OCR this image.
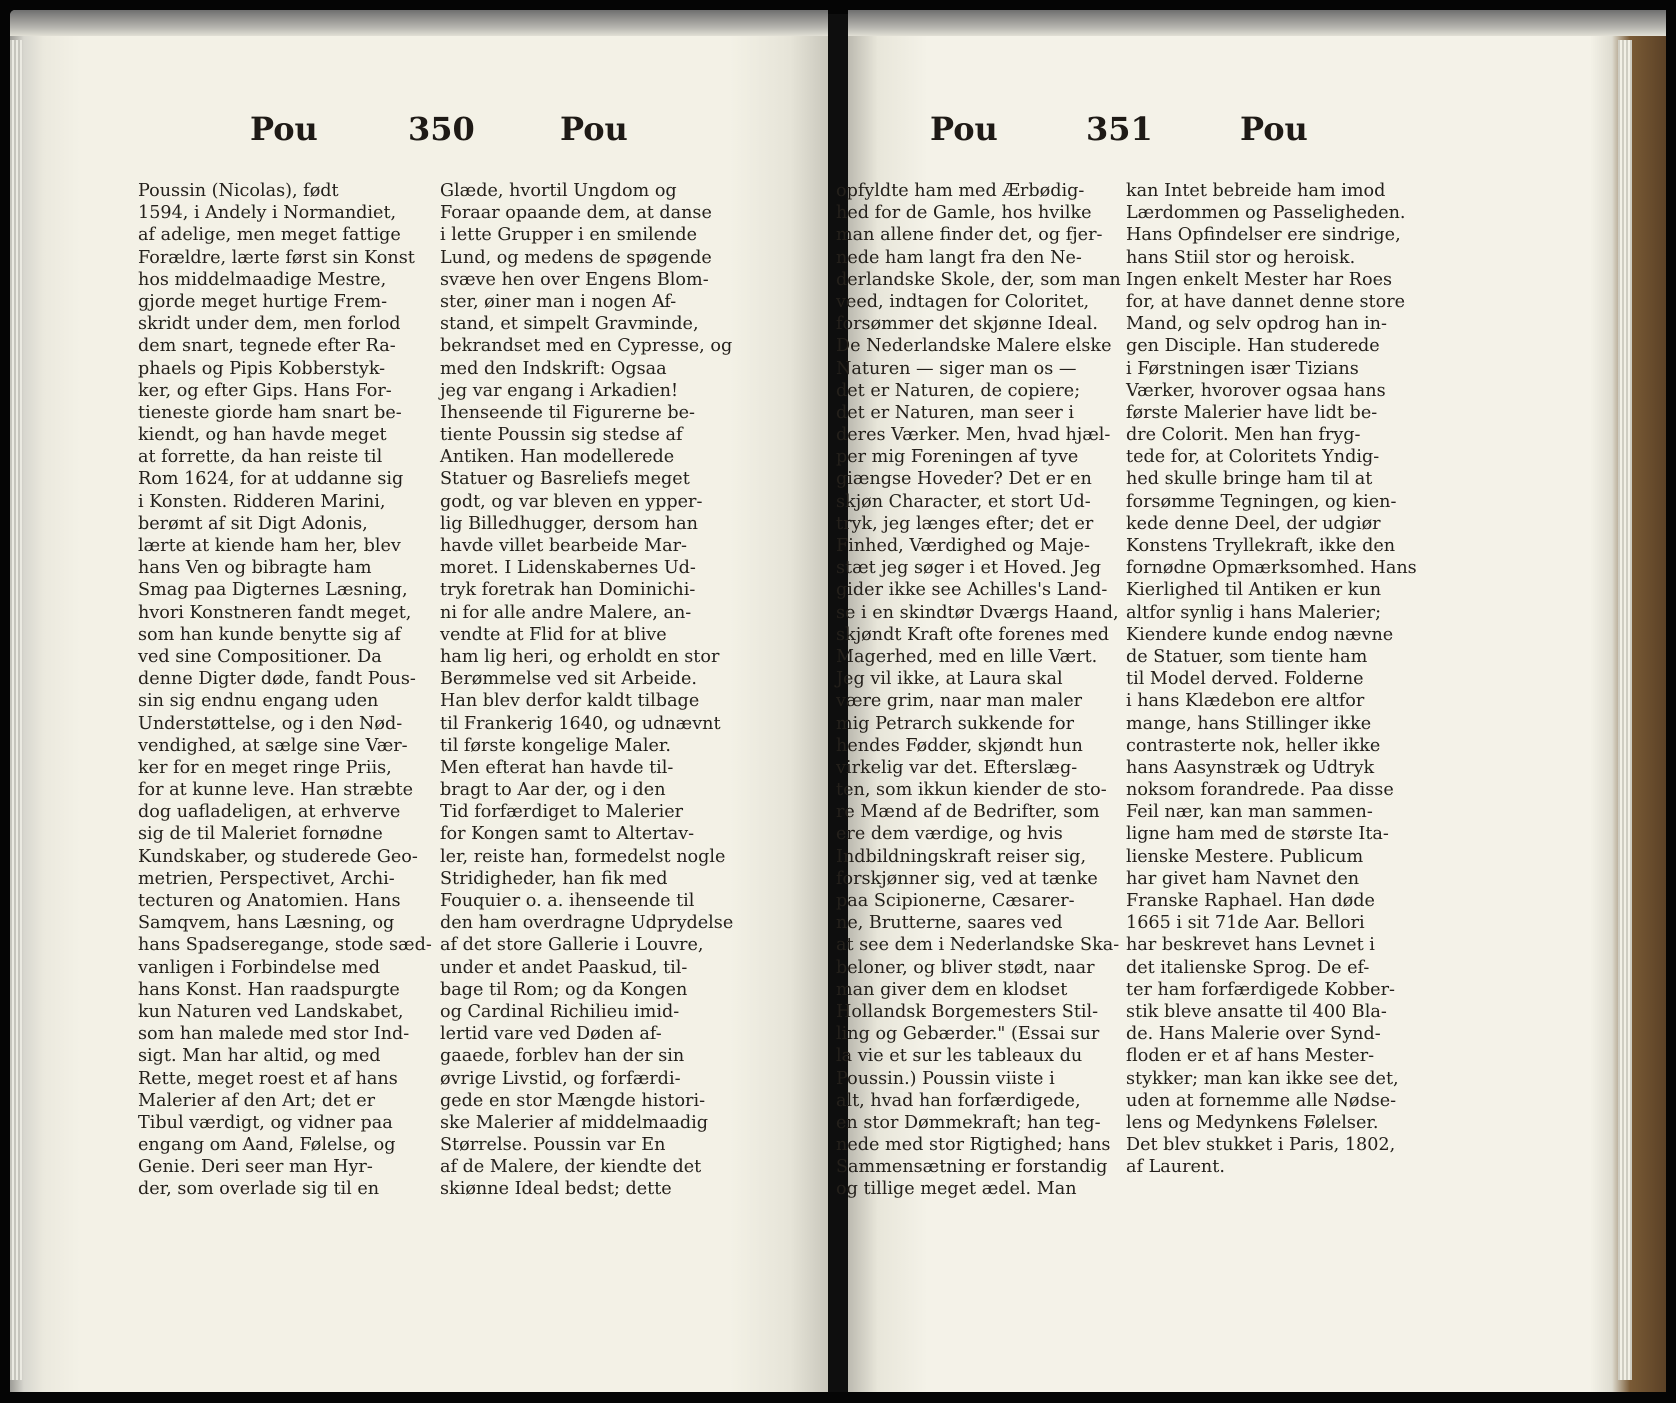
Pou	350	Pou
Poussin (Nicolas), født
1594, i Andely i Normandiet,
af adelige, men meget fattige
Forældre, lærte først sin Konst
hos middelmaadige Mestre,
gjorde meget hurtige Frem-
skridt under dem, men forlod
dem snart, tegnede efter Ra-
phaels og Pipis Kobberstyk-
ker, og efter Gips. Hans For-
tieneste giorde ham snart be-
kiendt, og han havde meget
at forrette, da han reiste til
Rom 1624, for at uddanne sig
i Konsten. Ridderen Marini,
berømt af sit Digt Adonis,
lærte at kiende ham her, blev
hans Ven og bibragte ham
Smag paa Digternes Læsning,
hvori Konstneren fandt meget,
som han kunde benytte sig af
ved sine Compositioner. Da
denne Digter døde, fandt Pous-
sin sig endnu engang uden
Understøttelse, og i den Nød-
vendighed, at sælge sine Vær-
ker for en meget ringe Priis,
for at kunne leve. Han stræbte
dog uafladeligen, at erhverve
sig de til Maleriet fornødne
Kundskaber, og studerede Geo-
metrien, Perspectivet, Archi-
tecturen og Anatomien. Hans
Samqvem, hans Læsning, og
hans Spadseregange, stode sæd-
vanligen i Forbindelse med
hans Konst. Han raadspurgte
kun Naturen ved Landskabet,
som han malede med stor Ind-
sigt. Man har altid, og med
Rette, meget roest et af hans
Malerier af den Art; det er
Tibul værdigt, og vidner paa
engang om Aand, Følelse, og
Genie. Deri seer man Hyr-
der, som overlade sig til en
Glæde, hvortil Ungdom og
Foraar opaande dem, at danse
i lette Grupper i en smilende
Lund, og medens de spøgende
svæve hen over Engens Blom-
ster, øiner man i nogen Af-
stand, et simpelt Gravminde,
bekrandset med en Cypresse, og
med den Indskrift: Ogsaa
jeg var engang i Arkadien!
Ihenseende til Figurerne be-
tiente Poussin sig stedse af
Antiken. Han modellerede
Statuer og Basreliefs meget
godt, og var bleven en ypper-
lig Billedhugger, dersom han
havde villet bearbeide Mar-
moret. I Lidenskabernes Ud-
tryk foretrak han Dominichi-
ni for alle andre Malere, an-
vendte at Flid for at blive
ham lig heri, og erholdt en stor
Berømmelse ved sit Arbeide.
Han blev derfor kaldt tilbage
til Frankerig 1640, og udnævnt
til første kongelige Maler.
Men efterat han havde til-
bragt to Aar der, og i den
Tid forfærdiget to Malerier
for Kongen samt to Altertav-
ler, reiste han, formedelst nogle
Stridigheder, han fik med
Fouquier o. a. ihenseende til
den ham overdragne Udprydelse
af det store Gallerie i Louvre,
under et andet Paaskud, til-
bage til Rom; og da Kongen
og Cardinal Richilieu imid-
lertid vare ved Døden af-
gaaede, forblev han der sin
øvrige Livstid, og forfærdi-
gede en stor Mængde histori-
ske Malerier af middelmaadig
Størrelse. Poussin var En
af de Malere, der kiendte det
skiønne Ideal bedst; dette
Pou	351	Pou
opfyldte ham med Ærbødig-
hed for de Gamle, hos hvilke
man allene finder det, og fjer-
nede ham langt fra den Ne-
derlandske Skole, der, som man
veed, indtagen for Coloritet,
forsømmer det skjønne Ideal.
De Nederlandske Malere elske
Naturen — siger man os —
det er Naturen, de copiere;
det er Naturen, man seer i
deres Værker. Men, hvad hjæl-
per mig Foreningen af tyve
giængse Hoveder? Det er en
skjøn Character, et stort Ud-
tryk, jeg længes efter; det er
Finhed, Værdighed og Maje-
stæt jeg søger i et Hoved. Jeg
gider ikke see Achilles's Land-
se i en skindtør Dværgs Haand,
skjøndt Kraft ofte forenes med
Magerhed, med en lille Vært.
Jeg vil ikke, at Laura skal
være grim, naar man maler
mig Petrarch sukkende for
hendes Fødder, skjøndt hun
virkelig var det. Efterslæg-
ten, som ikkun kiender de sto-
re Mænd af de Bedrifter, som
ere dem værdige, og hvis
Indbildningskraft reiser sig,
forskjønner sig, ved at tænke
paa Scipionerne, Cæsarer-
ne, Brutterne, saares ved
at see dem i Nederlandske Ska-
beloner, og bliver stødt, naar
man giver dem en klodset
Hollandsk Borgemesters Stil-
ling og Gebærder." (Essai sur
la vie et sur les tableaux du
Poussin.) Poussin viiste i
alt, hvad han forfærdigede,
en stor Dømmekraft; han teg-
nede med stor Rigtighed; hans
Sammensætning er forstandig
og tillige meget ædel. Man
kan Intet bebreide ham imod
Lærdommen og Passeligheden.
Hans Opfindelser ere sindrige,
hans Stiil stor og heroisk.
Ingen enkelt Mester har Roes
for, at have dannet denne store
Mand, og selv opdrog han in-
gen Disciple. Han studerede
i Førstningen især Tizians
Værker, hvorover ogsaa hans
første Malerier have lidt be-
dre Colorit. Men han fryg-
tede for, at Coloritets Yndig-
hed skulle bringe ham til at
forsømme Tegningen, og kien-
kede denne Deel, der udgiør
Konstens Tryllekraft, ikke den
fornødne Opmærksomhed. Hans
Kierlighed til Antiken er kun
altfor synlig i hans Malerier;
Kiendere kunde endog nævne
de Statuer, som tiente ham
til Model derved. Folderne
i hans Klædebon ere altfor
mange, hans Stillinger ikke
contrasterte nok, heller ikke
hans Aasynstræk og Udtryk
noksom forandrede. Paa disse
Feil nær, kan man sammen-
ligne ham med de største Ita-
lienske Mestere. Publicum
har givet ham Navnet den
Franske Raphael. Han døde
1665 i sit 71de Aar. Bellori
har beskrevet hans Levnet i
det italienske Sprog. De ef-
ter ham forfærdigede Kobber-
stik bleve ansatte til 400 Bla-
de. Hans Malerie over Synd-
floden er et af hans Mester-
stykker; man kan ikke see det,
uden at fornemme alle Nødse-
lens og Medynkens Følelser.
Det blev stukket i Paris, 1802,
af Laurent.
